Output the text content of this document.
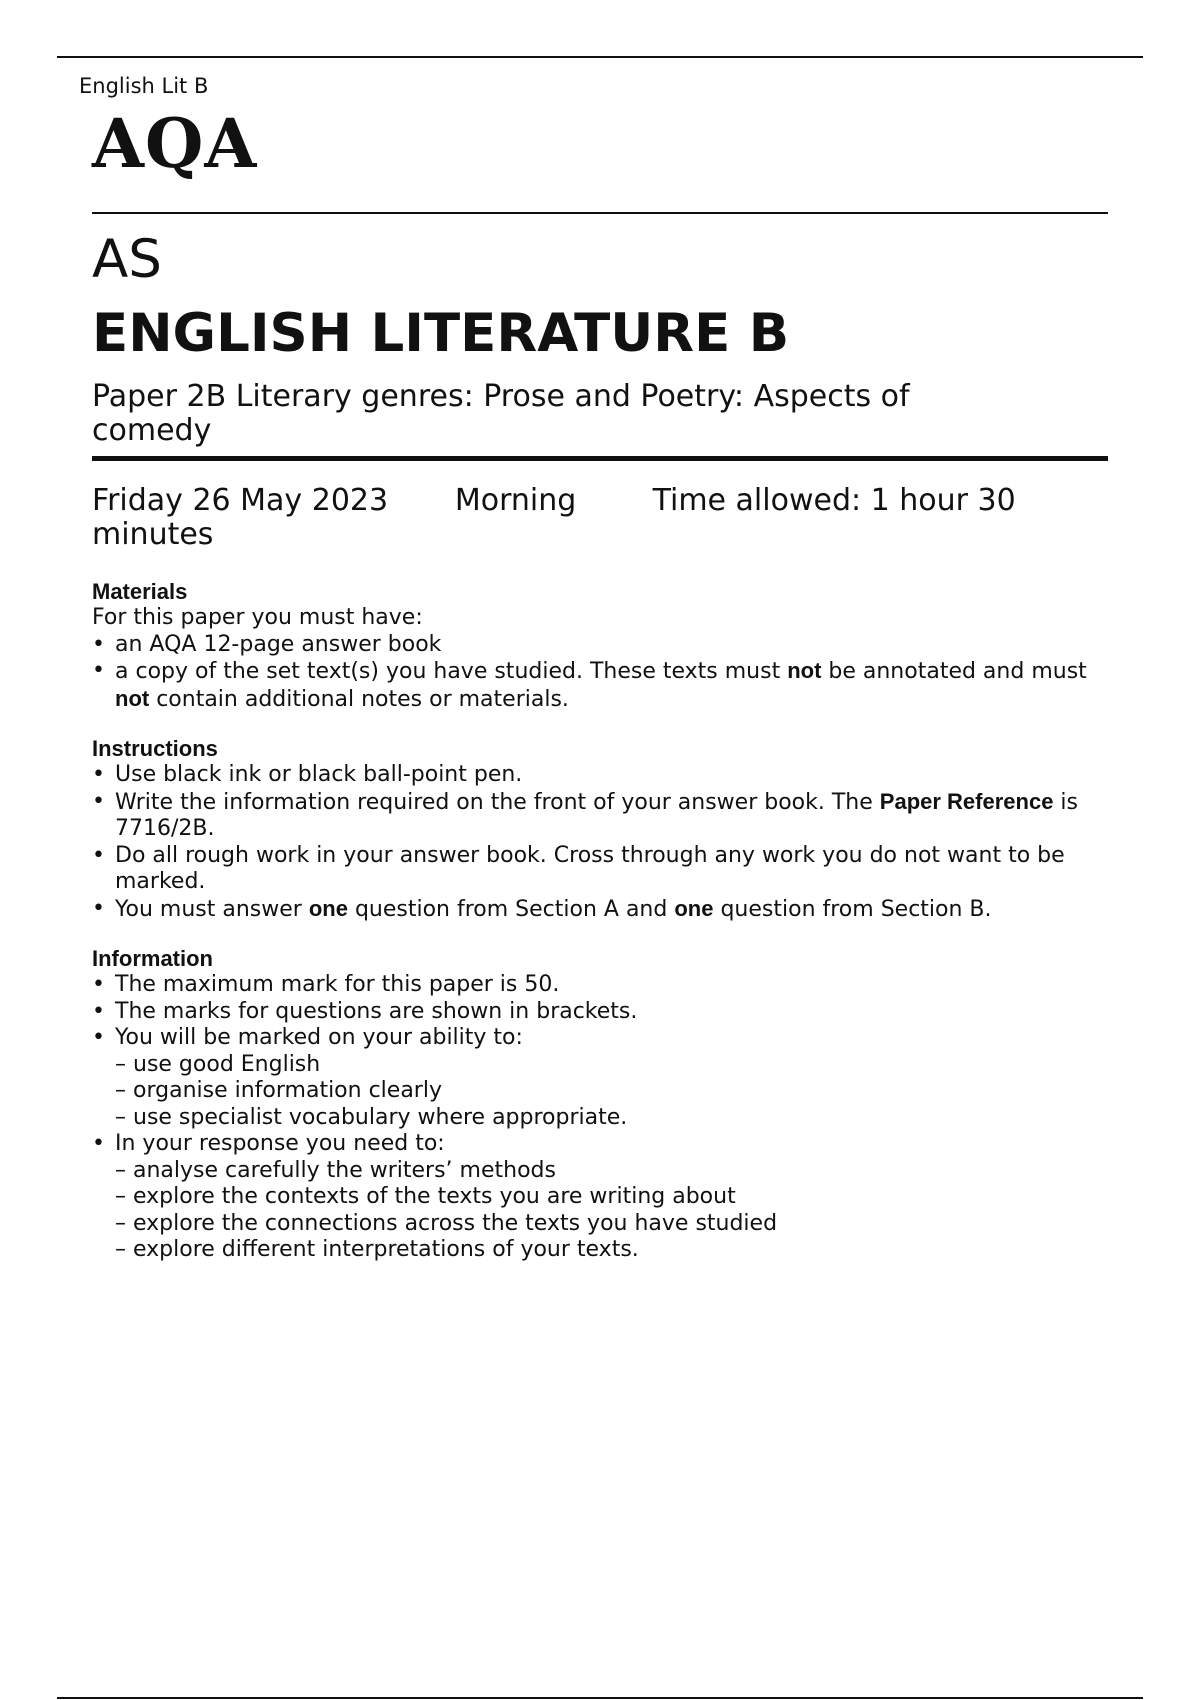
English Lit B
AQA
AS
ENGLISH LITERATURE B
Paper 2B Literary genres: Prose and Poetry: Aspects of comedy
Friday 26 May 2023 Morning	Time allowed: 1 hour 30 minutes

Materials

For this paper you must have:

• an AQA 12-page answer book
• a copy of the set text(s) you have studied. These texts must not be annotated and must not contain additional notes or materials.

Instructions

• Use black ink or black ball-point pen.
• Write the information required on the front of your answer book. The Paper Reference is 7716/2B.
• Do all rough work in your answer book. Cross through any work you do not want to be marked.
• You must answer one question from Section A and one question from Section B.

Information

• The maximum mark for this paper is 50.
• The marks for questions are shown in brackets.
• You will be marked on your ability to:
– use good English
– organise information clearly
– use specialist vocabulary where appropriate.
• In your response you need to:
– analyse carefully the writers’ methods
– explore the contexts of the texts you are writing about
– explore the connections across the texts you have studied
– explore different interpretations of your texts.
